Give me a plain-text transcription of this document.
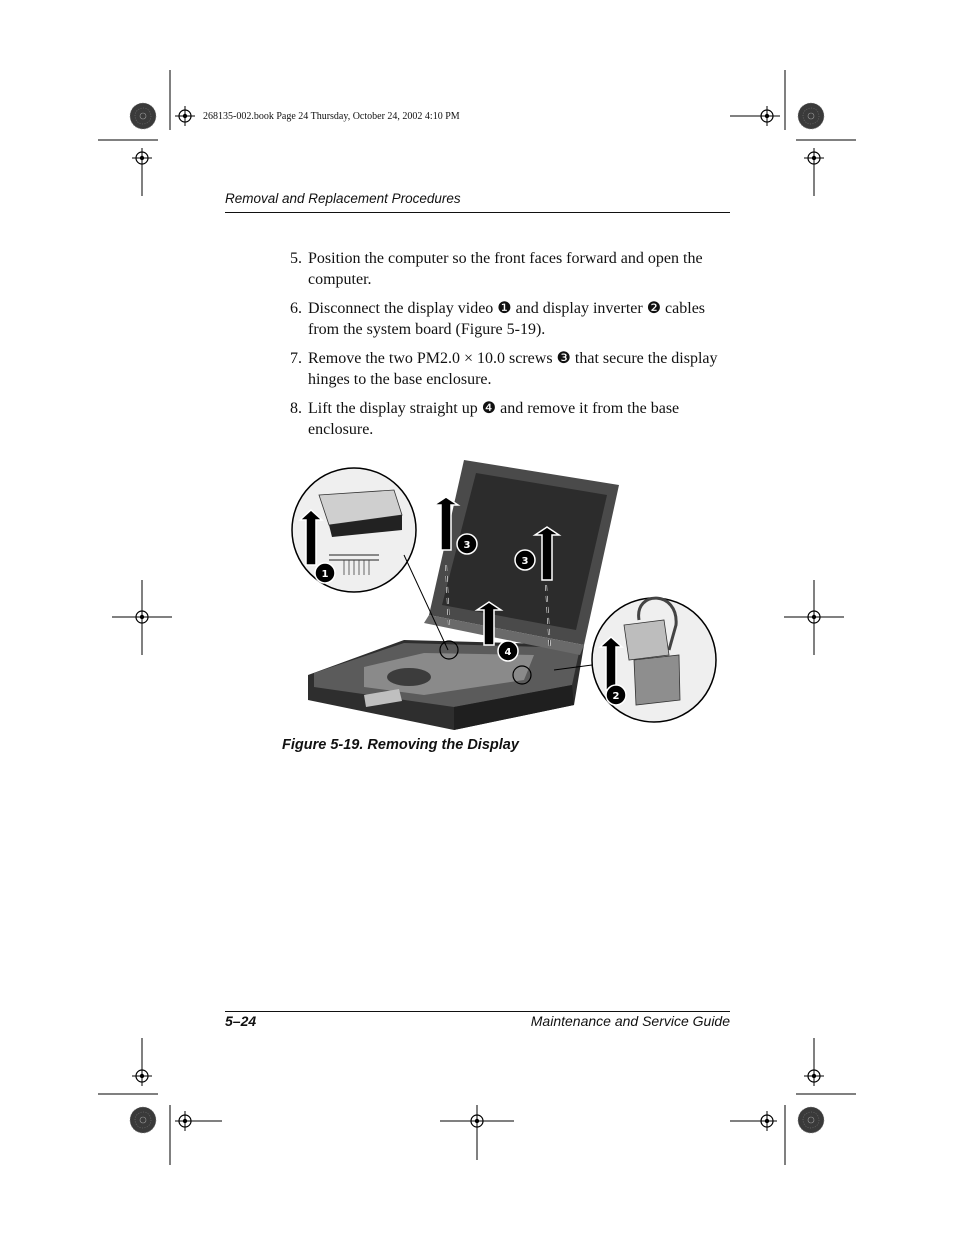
268135-002.book Page 24 Thursday, October 24, 2002 4:10 PM
Removal and Replacement Procedures
5. Position the computer so the front faces forward and open the computer.
6. Disconnect the display video ❶ and display inverter ❷ cables from the system board (Figure 5-19).
7. Remove the two PM2.0 × 10.0 screws ❸ that secure the display hinges to the base enclosure.
8. Lift the display straight up ❹ and remove it from the base enclosure.
1
2
3
3
4
Figure 5-19. Removing the Display
5–24	Maintenance and Service Guide
